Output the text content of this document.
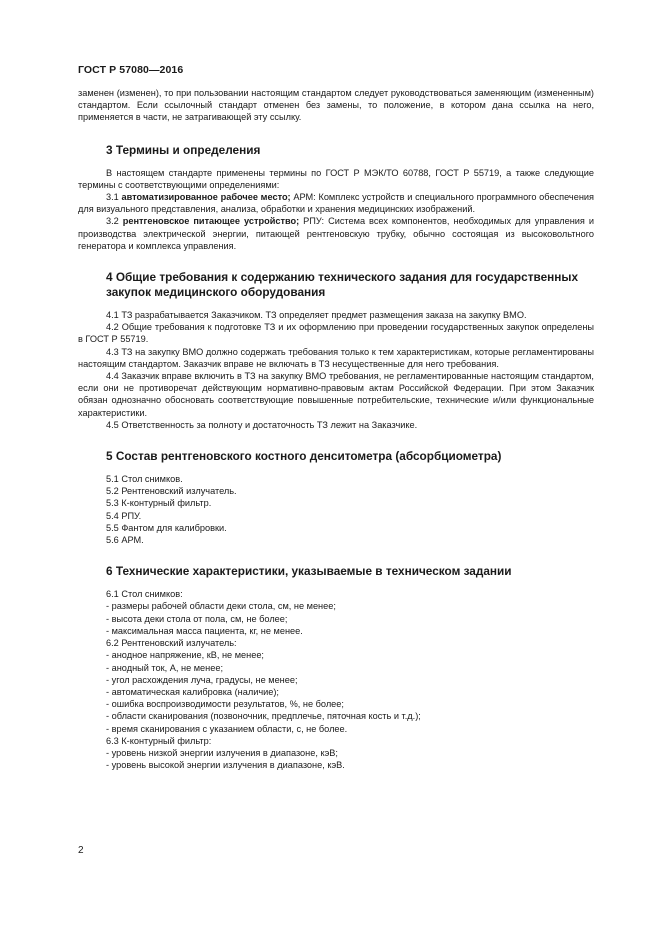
ГОСТ Р 57080—2016

заменен (изменен), то при пользовании настоящим стандартом следует руководствоваться заменяющим (измененным) стандартом. Если ссылочный стандарт отменен без замены, то положение, в котором дана ссылка на него, применяется в части, не затрагивающей эту ссылку.

3 Термины и определения

В настоящем стандарте применены термины по ГОСТ Р МЭК/ТО 60788, ГОСТ Р 55719, а также следующие термины с соответствующими определениями:

3.1 автоматизированное рабочее место; АРМ: Комплекс устройств и специального программного обеспечения для визуального представления, анализа, обработки и хранения медицинских изображений.

3.2 рентгеновское питающее устройство; РПУ: Система всех компонентов, необходимых для управления и производства электрической энергии, питающей рентгеновскую трубку, обычно состоящая из высоковольтного генератора и комплекса управления.

4 Общие требования к содержанию технического задания для государственных закупок медицинского оборудования

4.1 ТЗ разрабатывается Заказчиком. ТЗ определяет предмет размещения заказа на закупку ВМО.

4.2 Общие требования к подготовке ТЗ и их оформлению при проведении государственных закупок определены в ГОСТ Р 55719.

4.3 ТЗ на закупку ВМО должно содержать требования только к тем характеристикам, которые регламентированы настоящим стандартом. Заказчик вправе не включать в ТЗ несущественные для него требования.

4.4 Заказчик вправе включить в ТЗ на закупку ВМО требования, не регламентированные настоящим стандартом, если они не противоречат действующим нормативно-правовым актам Российской Федерации. При этом Заказчик обязан однозначно обосновать соответствующие повышенные потребительские, технические и/или функциональные характеристики.

4.5 Ответственность за полноту и достаточность ТЗ лежит на Заказчике.

5 Состав рентгеновского костного денситометра (абсорбциометра)

5.1 Стол снимков.

5.2 Рентгеновский излучатель.

5.3 К-контурный фильтр.

5.4 РПУ.

5.5 Фантом для калибровки.

5.6 АРМ.

6 Технические характеристики, указываемые в техническом задании

6.1 Стол снимков:

- размеры рабочей области деки стола, см, не менее;

- высота деки стола от пола, см, не более;

- максимальная масса пациента, кг, не менее.

6.2 Рентгеновский излучатель:

- анодное напряжение, кВ, не менее;

- анодный ток, А, не менее;

- угол расхождения луча, градусы, не менее;

- автоматическая калибровка (наличие);

- ошибка воспроизводимости результатов, %, не более;

- области сканирования (позвоночник, предплечье, пяточная кость и т.д.);

- время сканирования с указанием области, с, не более.

6.3 К-контурный фильтр:

- уровень низкой энергии излучения в диапазоне, кэВ;

- уровень высокой энергии излучения в диапазоне, кэВ.

2
